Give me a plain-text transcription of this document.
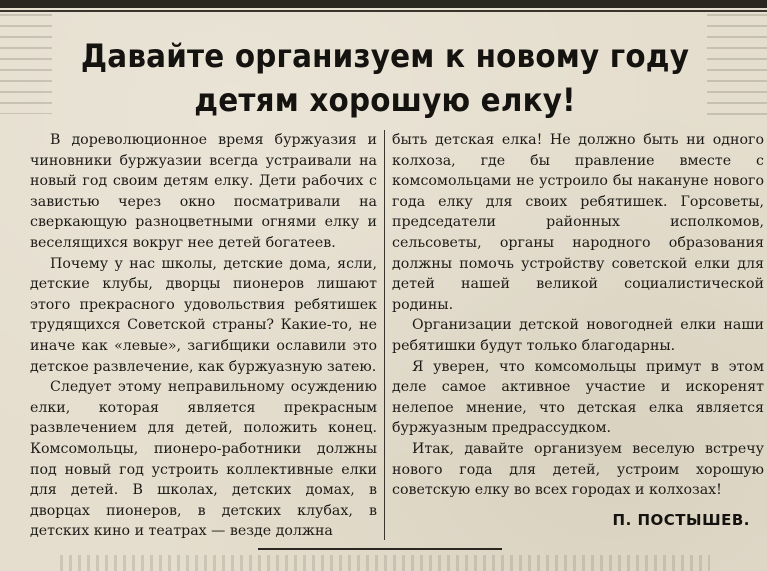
Давайте организуем к новому году
детям хорошую елку!

В дореволюционное время буржуазия и чиновники буржуазии всегда устраивали на новый год своим детям елку. Дети рабочих с завистью через окно посматривали на сверкающую разноцветными огнями елку и веселящихся вокруг нее детей богатеев.

Почему у нас школы, детские дома, ясли, детские клубы, дворцы пионеров лишают этого прекрасного удовольствия ребятишек трудящихся Советской страны? Какие-то, не иначе как «левые», загибщики ославили это детское развлечение, как буржуазную затею.

Следует этому неправильному осуждению елки, которая является прекрасным развлечением для детей, положить конец. Комсомольцы, пионеро-работники должны под новый год устроить коллективные елки для детей. В школах, детских домах, в дворцах пионеров, в детских клубах, в детских кино и театрах — везде должна

быть детская елка! Не должно быть ни одного колхоза, где бы правление вместе с комсомольцами не устроило бы накануне нового года елку для своих ребятишек. Горсоветы, председатели районных исполкомов, сельсоветы, органы народного образования должны помочь устройству советской елки для детей нашей великой социалистической родины.

Организации детской новогодней елки наши ребятишки будут только благодарны.

Я уверен, что комсомольцы примут в этом деле самое активное участие и искоренят нелепое мнение, что детская елка является буржуазным предрассудком.

Итак, давайте организуем веселую встречу нового года для детей, устроим хорошую советскую елку во всех городах и колхозах!

П. ПОСТЫШЕВ.
